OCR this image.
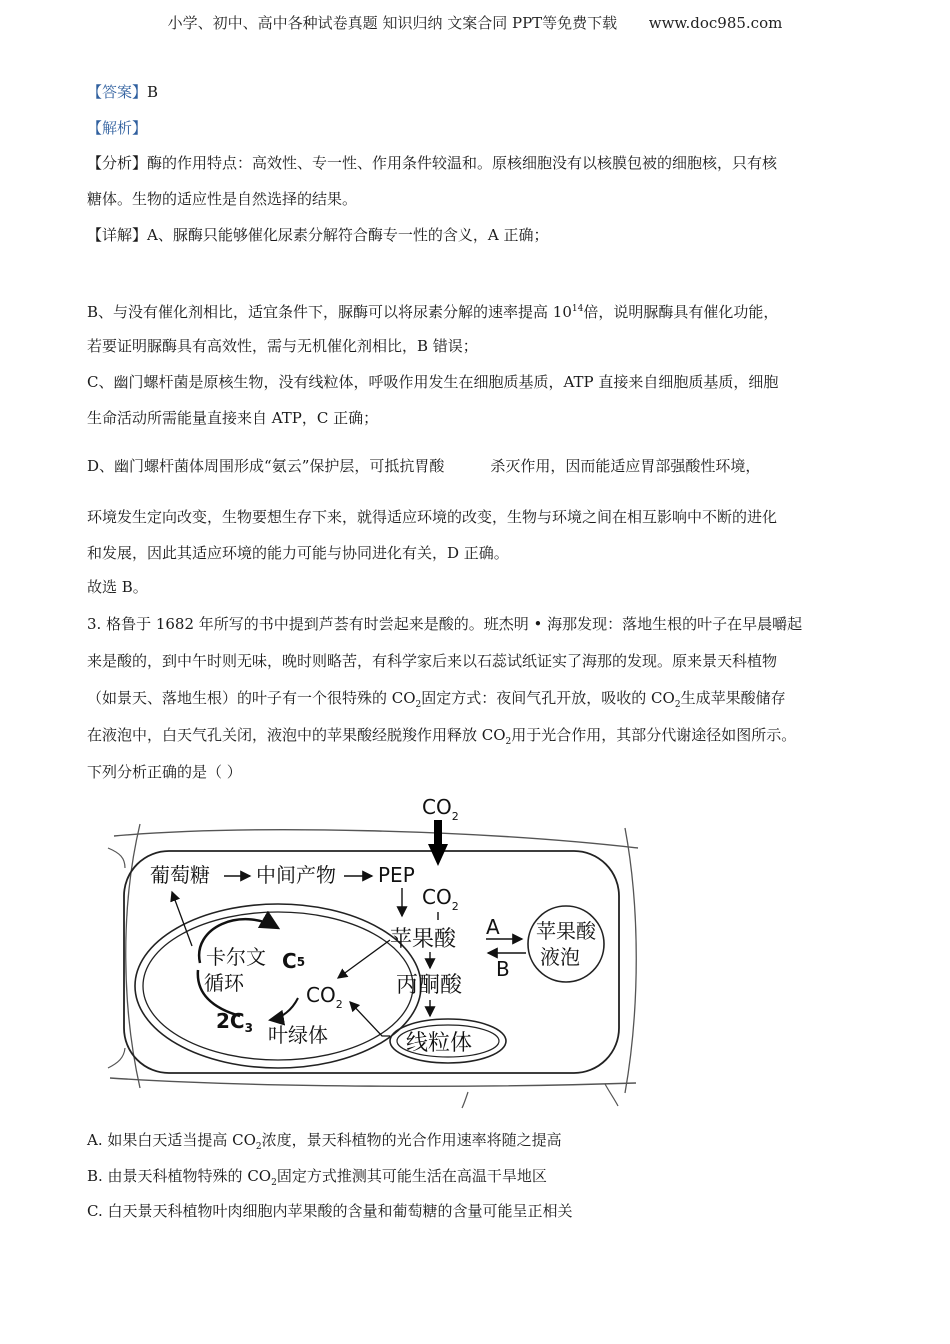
小学、初中、高中各种试卷真题 知识归纳 文案合同 PPT等免费下载 www.doc985.com
【答案】B
【解析】
【分析】酶的作用特点：高效性、专一性、作用条件较温和。原核细胞没有以核膜包被的细胞核，只有核
糖体。生物的适应性是自然选择的结果。
【详解】A、脲酶只能够催化尿素分解符合酶专一性的含义，A 正确；
B、与没有催化剂相比，适宜条件下，脲酶可以将尿素分解的速率提高 $10^{14}$倍，说明脲酶具有催化功能，
若要证明脲酶具有高效性，需与无机催化剂相比，B 错误；
C、幽门螺杆菌是原核生物，没有线粒体，呼吸作用发生在细胞质基质，ATP 直接来自细胞质基质，细胞
生命活动所需能量直接来自 ATP，C 正确；
D、幽门螺杆菌体周围形成“氨云”保护层，可抵抗胃酸	杀灭作用，因而能适应胃部强酸性环境，
环境发生定向改变，生物要想生存下来，就得适应环境的改变，生物与环境之间在相互影响中不断的进化
和发展，因此其适应环境的能力可能与协同进化有关，D 正确。
故选 B。
3. 格鲁于 1682 年所写的书中提到芦荟有时尝起来是酸的。班杰明 • 海那发现：落地生根的叶子在早晨嚼起
来是酸的，到中午时则无味，晚时则略苦，有科学家后来以石蕊试纸证实了海那的发现。原来景天科植物
（如景天、落地生根）的叶子有一个很特殊的 $CO_2$固定方式：夜间气孔开放，吸收的 $CO_2$生成苹果酸储存
在液泡中，白天气孔关闭，液泡中的苹果酸经脱羧作用释放 $CO_2$用于光合作用，其部分代谢途径如图所示。
下列分析正确的是（ ）
$CO_2$
葡萄糖 中间产物 PEP
$CO_2$
苹果酸 A
B
苹果酸
液泡
丙酮酸
卡尔文
循环
C5
$CO_2$
$2C_3$ 叶绿体	线粒体
A. 如果白天适当提高 $CO_2$浓度，景天科植物的光合作用速率将随之提高
B. 由景天科植物特殊的 $CO_2$固定方式推测其可能生活在高温干旱地区
C. 白天景天科植物叶肉细胞内苹果酸的含量和葡萄糖的含量可能呈正相关
